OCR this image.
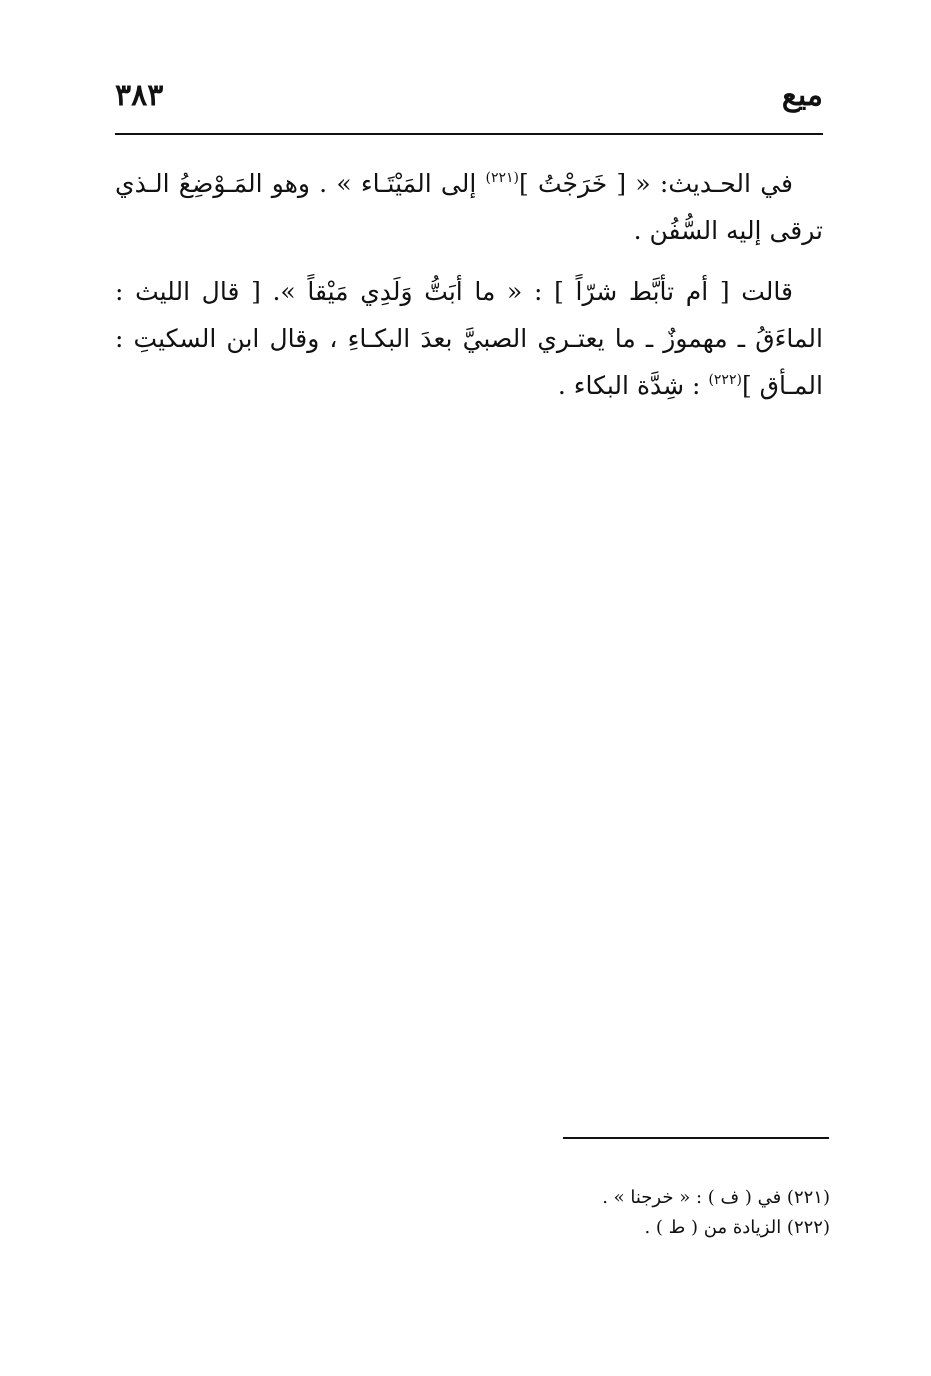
ميع
٣٨٣

في الحـديث: « [ خَرَجْتُ ]$^{(٢٢١)}$ إلى المَيْتَـاء » . وهو المَـوْضِعُ الـذي ترقى إليه السُّفُن .

قالت [ أم تأبَّط شرّاً ] : « ما أبَتُّ وَلَدِي مَيْقاً ». [ قال الليث : الماءَقُ ـ مهموزٌ ـ ما يعتـري الصبيَّ بعدَ البكـاءِ ، وقال ابن السكيتِ : المـأق ]$^{(٢٢٢)}$ : شِدَّة البكاء .

(٢٢١) في ( ف ) : « خرجنا » .

(٢٢٢) الزيادة من ( ط ) .
